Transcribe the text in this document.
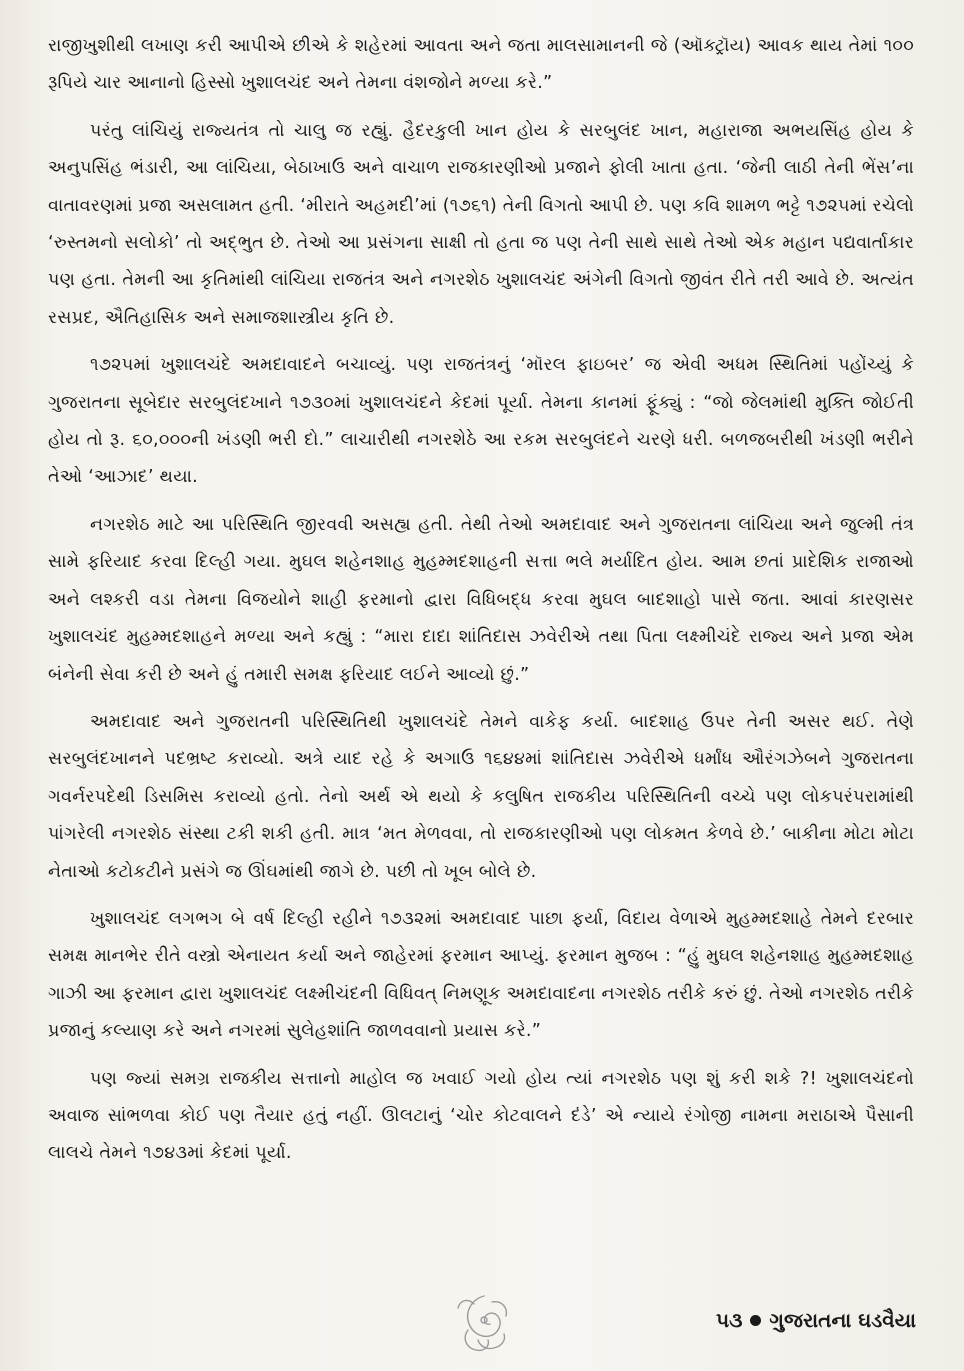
રાજીખુશીથી લખાણ કરી આપીએ છીએ કે શહેરમાં આવતા અને જતા માલસામાનની જે (ઑક્ટ્રૉય) આવક થાય તેમાં ૧૦૦ રૂપિયે ચાર આનાનો હિસ્સો ખુશાલચંદ અને તેમના વંશજોને મળ્યા કરે.”

પરંતુ લાંચિયું રાજ્યતંત્ર તો ચાલુ જ રહ્યું. હૈદરકુલી ખાન હોય કે સરબુલંદ ખાન, મહારાજા અભયસિંહ હોય કે અનુપસિંહ ભંડારી, આ લાંચિયા, બેઠાખાઉ અને વાચાળ રાજકારણીઓ પ્રજાને ફોલી ખાતા હતા. ‘જેની લાઠી તેની ભેંસ’ના વાતાવરણમાં પ્રજા અસલામત હતી. ‘મીરાતે અહમદી’માં (૧૭૬૧) તેની વિગતો આપી છે. પણ કવિ શામળ ભટ્ટે ૧૭૨૫માં રચેલો ‘રુસ્તમનો સલોકો’ તો અદ્ભુત છે. તેઓ આ પ્રસંગના સાક્ષી તો હતા જ પણ તેની સાથે સાથે તેઓ એક મહાન પદ્યવાર્તાકાર પણ હતા. તેમની આ કૃતિમાંથી લાંચિયા રાજતંત્ર અને નગરશેઠ ખુશાલચંદ અંગેની વિગતો જીવંત રીતે તરી આવે છે. અત્યંત રસપ્રદ, ઐતિહાસિક અને સમાજશાસ્ત્રીય કૃતિ છે.

૧૭૨૫માં ખુશાલચંદે અમદાવાદને બચાવ્યું. પણ રાજતંત્રનું ‘મૉરલ ફાઇબર’ જ એવી અધમ સ્થિતિમાં પહોંચ્યું કે ગુજરાતના સૂબેદાર સરબુલંદખાને ૧૭૩૦માં ખુશાલચંદને કેદમાં પૂર્યા. તેમના કાનમાં ફૂંક્યું : “જો જેલમાંથી મુક્તિ જોઈતી હોય તો રૂ. ૬૦,૦૦૦ની ખંડણી ભરી દો.” લાચારીથી નગરશેઠે આ રકમ સરબુલંદને ચરણે ધરી. બળજબરીથી ખંડણી ભરીને તેઓ ‘આઝાદ’ થયા.

નગરશેઠ માટે આ પરિસ્થિતિ જીરવવી અસહ્ય હતી. તેથી તેઓ અમદાવાદ અને ગુજરાતના લાંચિયા અને જુલ્મી તંત્ર સામે ફરિયાદ કરવા દિલ્હી ગયા. મુઘલ શહેનશાહ મુહમ્મદશાહની સત્તા ભલે મર્યાદિત હોય. આમ છતાં પ્રાદેશિક રાજાઓ અને લશ્કરી વડા તેમના વિજયોને શાહી ફરમાનો દ્વારા વિધિબદ્ધ કરવા મુઘલ બાદશાહો પાસે જતા. આવાં કારણસર ખુશાલચંદ મુહમ્મદશાહને મળ્યા અને કહ્યું : “મારા દાદા શાંતિદાસ ઝવેરીએ તથા પિતા લક્ષ્મીચંદે રાજ્ય અને પ્રજા એમ બંનેની સેવા કરી છે અને હું તમારી સમક્ષ ફરિયાદ લઈને આવ્યો છું.”

અમદાવાદ અને ગુજરાતની પરિસ્થિતિથી ખુશાલચંદે તેમને વાકેફ કર્યા. બાદશાહ ઉપર તેની અસર થઈ. તેણે સરબુલંદખાનને પદભ્રષ્ટ કરાવ્યો. અત્રે યાદ રહે કે અગાઉ ૧૬૪૪માં શાંતિદાસ ઝવેરીએ ધર્માંધ ઔરંગઝેબને ગુજરાતના ગવર્નરપદેથી ડિસમિસ કરાવ્યો હતો. તેનો અર્થ એ થયો કે કલુષિત રાજકીય પરિસ્થિતિની વચ્ચે પણ લોકપરંપરામાંથી પાંગરેલી નગરશેઠ સંસ્થા ટકી શકી હતી. માત્ર ‘મત મેળવવા, તો રાજકારણીઓ પણ લોકમત કેળવે છે.’ બાકીના મોટા મોટા નેતાઓ કટોકટીને પ્રસંગે જ ઊંઘમાંથી જાગે છે. પછી તો ખૂબ બોલે છે.

ખુશાલચંદ લગભગ બે વર્ષ દિલ્હી રહીને ૧૭૩૨માં અમદાવાદ પાછા ફર્યા, વિદાય વેળાએ મુહમ્મદશાહે તેમને દરબાર સમક્ષ માનભેર રીતે વસ્ત્રો એનાયત કર્યા અને જાહેરમાં ફરમાન આપ્યું. ફરમાન મુજબ : “હું મુઘલ શહેનશાહ મુહમ્મદશાહ ગાઝી આ ફરમાન દ્વારા ખુશાલચંદ લક્ષ્મીચંદની વિધિવત્ નિમણૂક અમદાવાદના નગરશેઠ તરીકે કરું છું. તેઓ નગરશેઠ તરીકે પ્રજાનું કલ્યાણ કરે અને નગરમાં સુલેહશાંતિ જાળવવાનો પ્રયાસ કરે.”

પણ જ્યાં સમગ્ર રાજકીય સત્તાનો માહોલ જ ખવાઈ ગયો હોય ત્યાં નગરશેઠ પણ શું કરી શકે ?! ખુશાલચંદનો અવાજ સાંભળવા કોઈ પણ તૈયાર હતું નહીં. ઊલટાનું ‘ચોર કોટવાલને દંડે’ એ ન્યાયે રંગોજી નામના મરાઠાએ પૈસાની લાલચે તેમને ૧૭૪૩માં કેદમાં પૂર્યા.

૫૩ ગુજરાતના ઘડવૈયા
